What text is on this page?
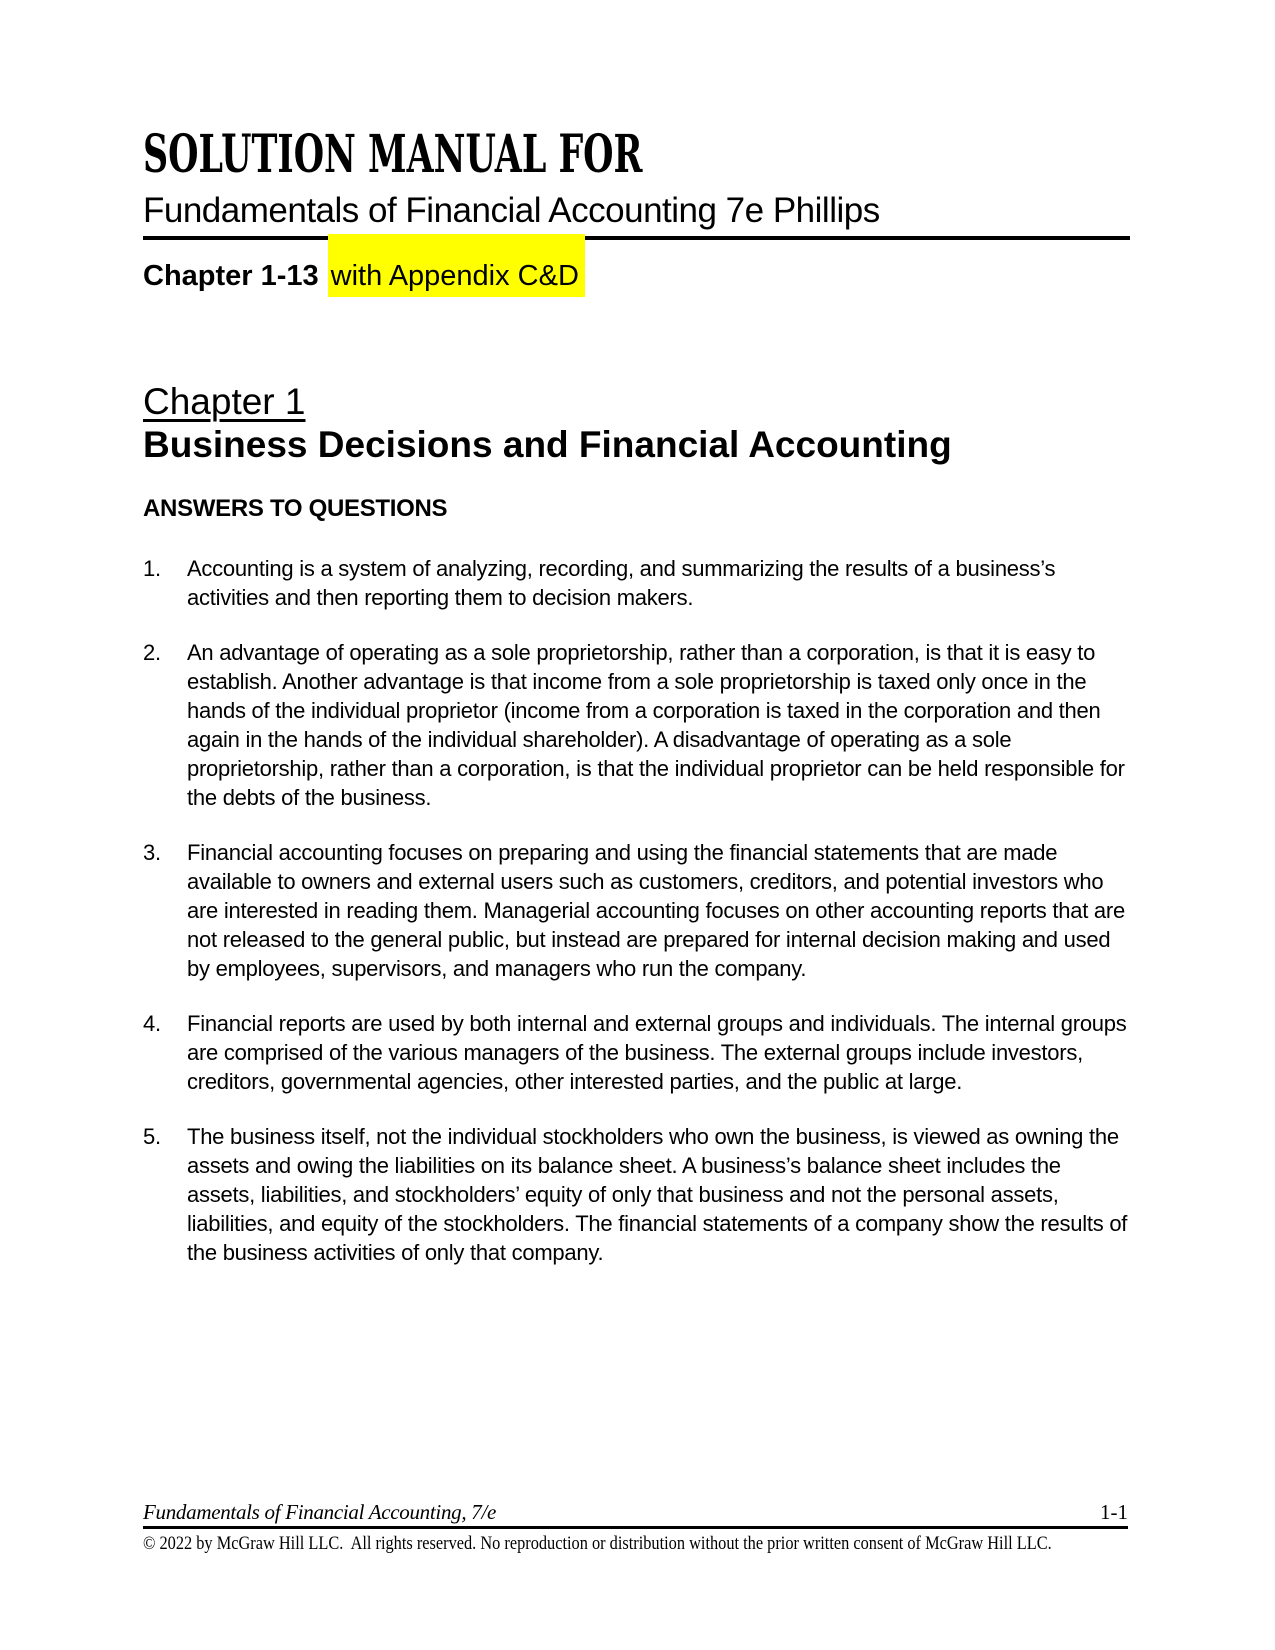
SOLUTION MANUAL FOR
Fundamentals of Financial Accounting 7e Phillips
Chapter 1-13 with Appendix C&D
Chapter 1
Business Decisions and Financial Accounting
ANSWERS TO QUESTIONS
1.	Accounting is a system of analyzing, recording, and summarizing the results of a business’s activities and then reporting them to decision makers.
2.	An advantage of operating as a sole proprietorship, rather than a corporation, is that it is easy to establish. Another advantage is that income from a sole proprietorship is taxed only once in the hands of the individual proprietor (income from a corporation is taxed in the corporation and then again in the hands of the individual shareholder). A disadvantage of operating as a sole proprietorship, rather than a corporation, is that the individual proprietor can be held responsible for the debts of the business.
3.	Financial accounting focuses on preparing and using the financial statements that are made available to owners and external users such as customers, creditors, and potential investors who are interested in reading them. Managerial accounting focuses on other accounting reports that are not released to the general public, but instead are prepared for internal decision making and used by employees, supervisors, and managers who run the company.
4.	Financial reports are used by both internal and external groups and individuals. The internal groups are comprised of the various managers of the business. The external groups include investors, creditors, governmental agencies, other interested parties, and the public at large.
5.	The business itself, not the individual stockholders who own the business, is viewed as owning the assets and owing the liabilities on its balance sheet. A business’s balance sheet includes the assets, liabilities, and stockholders’ equity of only that business and not the personal assets, liabilities, and equity of the stockholders. The financial statements of a company show the results of the business activities of only that company.
Fundamentals of Financial Accounting, 7/e	1-1
© 2022 by McGraw Hill LLC.  All rights reserved. No reproduction or distribution without the prior written consent of McGraw Hill LLC.
